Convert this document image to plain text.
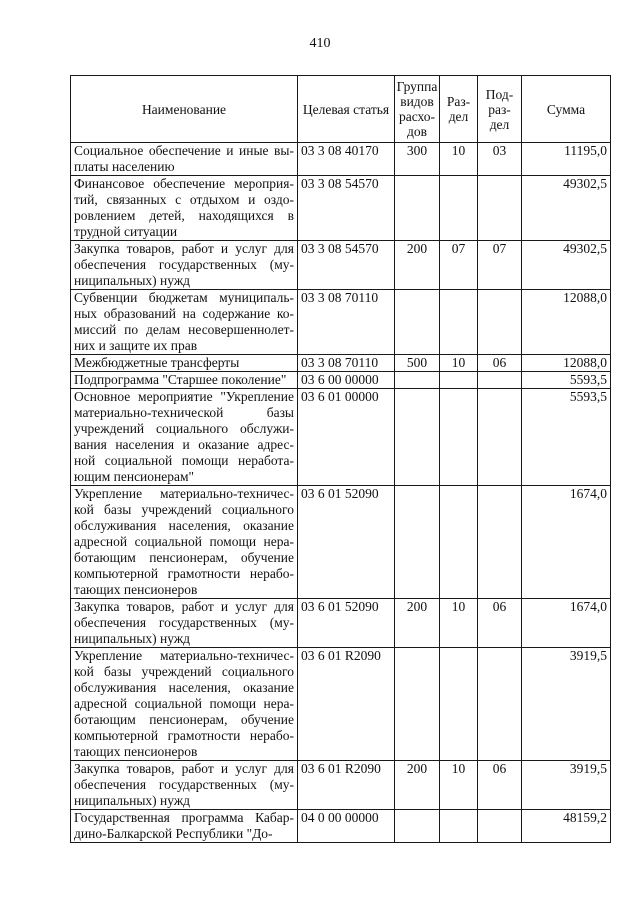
410
Наименование	Целевая статья	Группа видов расхо-дов	Раз-дел	Под-раз-дел	Сумма
Социальное обеспечение и иные вы-платы населению	03 3 08 40170	300	10	03	11195,0
Финансовое обеспечение мероприя-тий, связанных с отдыхом и оздо-ровлением детей, находящихся в трудной ситуации	03 3 08 54570				49302,5
Закупка товаров, работ и услуг для обеспечения государственных (му-ниципальных) нужд	03 3 08 54570	200	07	07	49302,5
Субвенции бюджетам муниципаль-ных образований на содержание ко-миссий по делам несовершеннолет-них и защите их прав	03 3 08 70110				12088,0
Межбюджетные трансферты	03 3 08 70110	500	10	06	12088,0
Подпрограмма "Старшее поколение"	03 6 00 00000				5593,5
Основное мероприятие "Укрепление материально-технической базы учреждений социального обслужи-вания населения и оказание адрес-ной социальной помощи неработа-ющим пенсионерам"	03 6 01 00000				5593,5
Укрепление материально-техничес-кой базы учреждений социального обслуживания населения, оказание адресной социальной помощи нера-ботающим пенсионерам, обучение компьютерной грамотности нерабо-тающих пенсионеров	03 6 01 52090				1674,0
Закупка товаров, работ и услуг для обеспечения государственных (му-ниципальных) нужд	03 6 01 52090	200	10	06	1674,0
Укрепление материально-техничес-кой базы учреждений социального обслуживания населения, оказание адресной социальной помощи нера-ботающим пенсионерам, обучение компьютерной грамотности нерабо-тающих пенсионеров	03 6 01 R2090				3919,5
Закупка товаров, работ и услуг для обеспечения государственных (му-ниципальных) нужд	03 6 01 R2090	200	10	06	3919,5
Государственная программа Кабар-дино-Балкарской Республики "До-	04 0 00 00000				48159,2
